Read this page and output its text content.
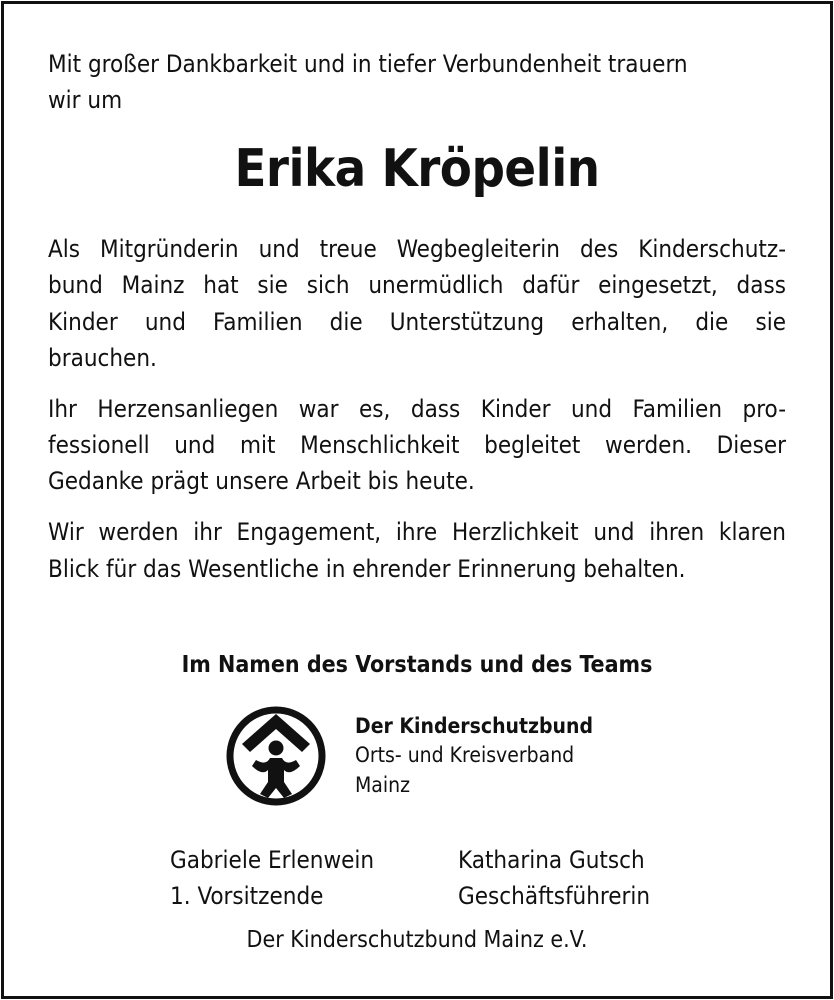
Mit großer Dankbarkeit und in tiefer Verbundenheit trauern
wir um
Erika Kröpelin
Als Mitgründerin und treue Wegbegleiterin des Kinderschutz-
bund Mainz hat sie sich unermüdlich dafür eingesetzt, dass
Kinder und Familien die Unterstützung erhalten, die sie
brauchen.
Ihr Herzensanliegen war es, dass Kinder und Familien pro-
fessionell und mit Menschlichkeit begleitet werden. Dieser
Gedanke prägt unsere Arbeit bis heute.
Wir werden ihr Engagement, ihre Herzlichkeit und ihren klaren
Blick für das Wesentliche in ehrender Erinnerung behalten.
Im Namen des Vorstands und des Teams
Der Kinderschutzbund
Orts- und Kreisverband
Mainz
Gabriele Erlenwein
1. Vorsitzende
Katharina Gutsch
Geschäftsführerin
Der Kinderschutzbund Mainz e.V.
